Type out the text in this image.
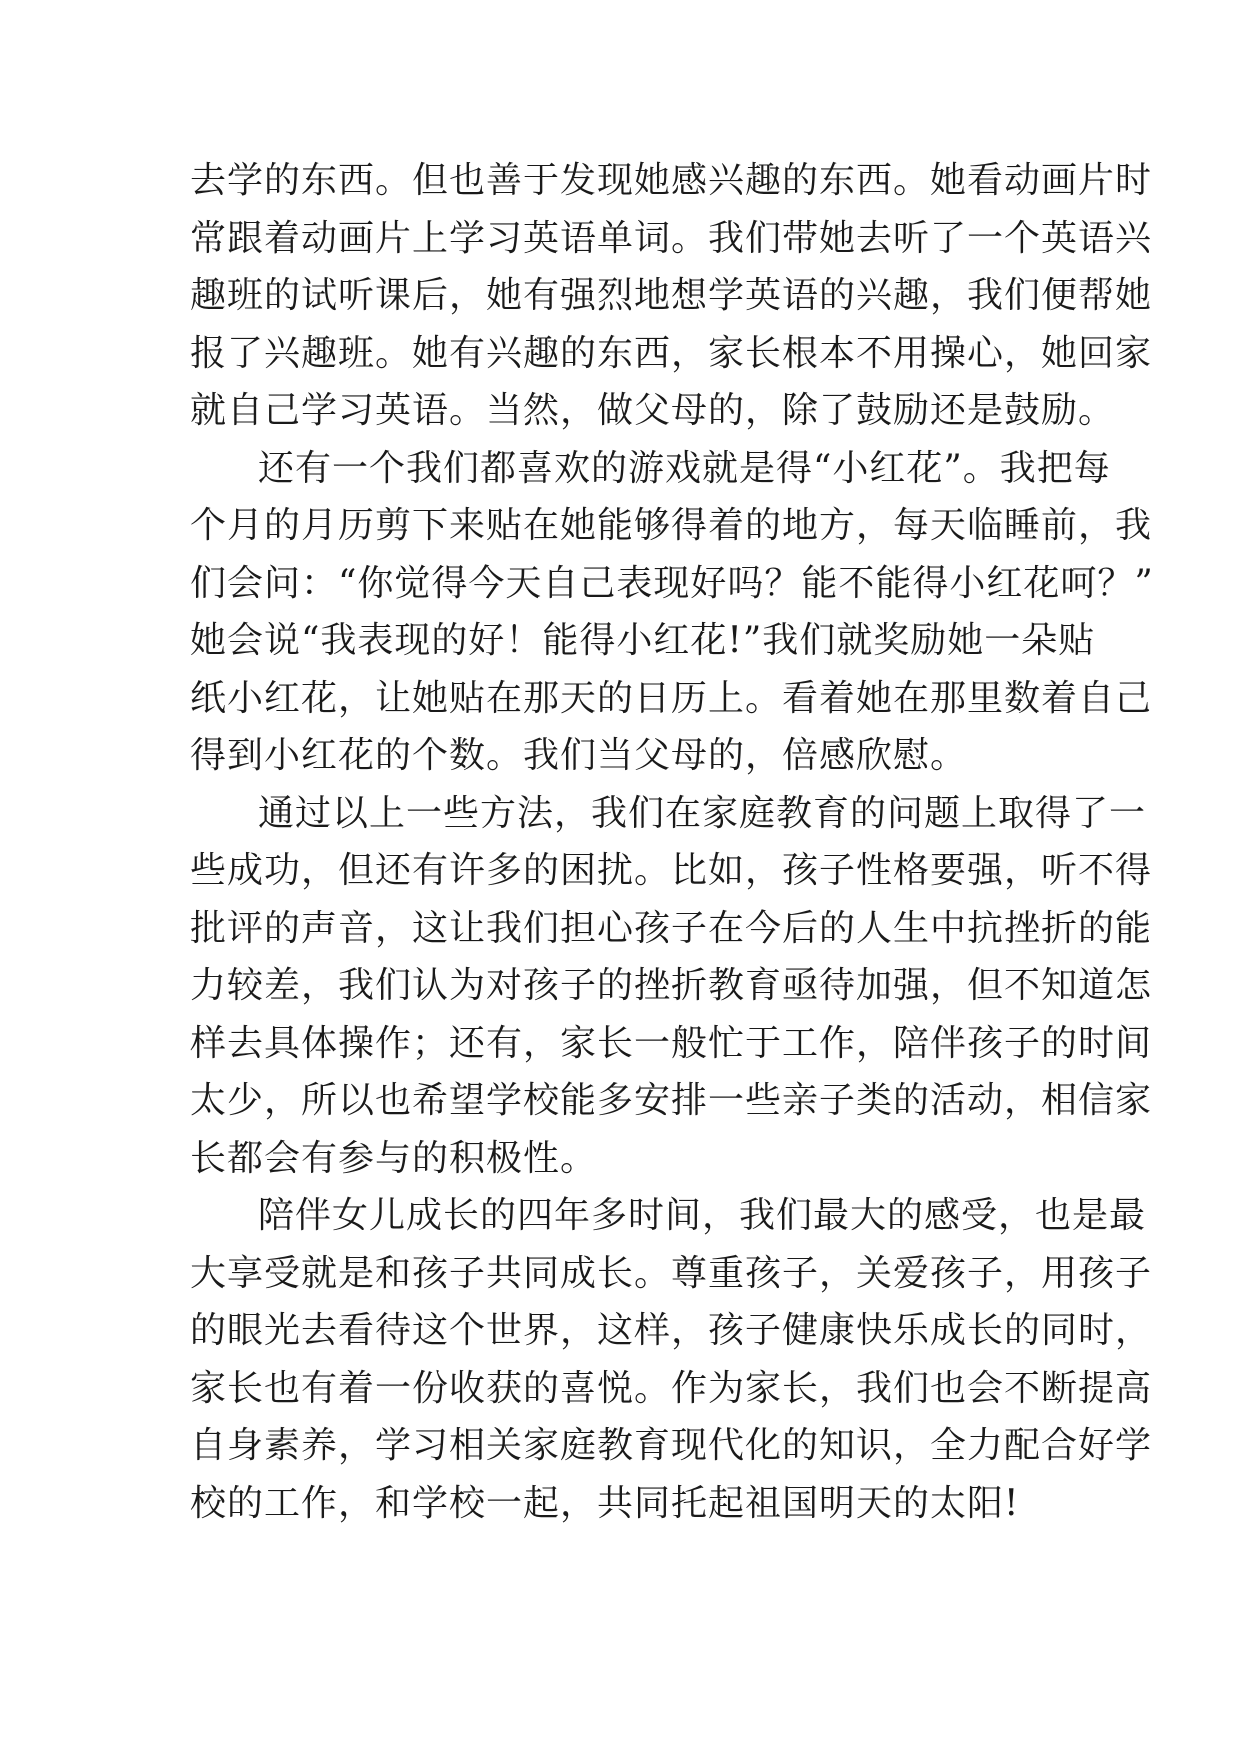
去学的东西。但也善于发现她感兴趣的东西。她看动画片时
常跟着动画片上学习英语单词。我们带她去听了一个英语兴
趣班的试听课后，她有强烈地想学英语的兴趣，我们便帮她
报了兴趣班。她有兴趣的东西，家长根本不用操心，她回家
就自己学习英语。当然，做父母的，除了鼓励还是鼓励。
还有一个我们都喜欢的游戏就是得“小红花”。我把每
个月的月历剪下来贴在她能够得着的地方，每天临睡前，我
们会问：“你觉得今天自己表现好吗？能不能得小红花呵？”
她会说“我表现的好！能得小红花!”我们就奖励她一朵贴
纸小红花，让她贴在那天的日历上。看着她在那里数着自己
得到小红花的个数。我们当父母的，倍感欣慰。
通过以上一些方法，我们在家庭教育的问题上取得了一
些成功，但还有许多的困扰。比如，孩子性格要强，听不得
批评的声音，这让我们担心孩子在今后的人生中抗挫折的能
力较差，我们认为对孩子的挫折教育亟待加强，但不知道怎
样去具体操作；还有，家长一般忙于工作，陪伴孩子的时间
太少，所以也希望学校能多安排一些亲子类的活动，相信家
长都会有参与的积极性。
陪伴女儿成长的四年多时间，我们最大的感受，也是最
大享受就是和孩子共同成长。尊重孩子，关爱孩子，用孩子
的眼光去看待这个世界，这样，孩子健康快乐成长的同时，
家长也有着一份收获的喜悦。作为家长，我们也会不断提高
自身素养，学习相关家庭教育现代化的知识，全力配合好学
校的工作，和学校一起，共同托起祖国明天的太阳!
